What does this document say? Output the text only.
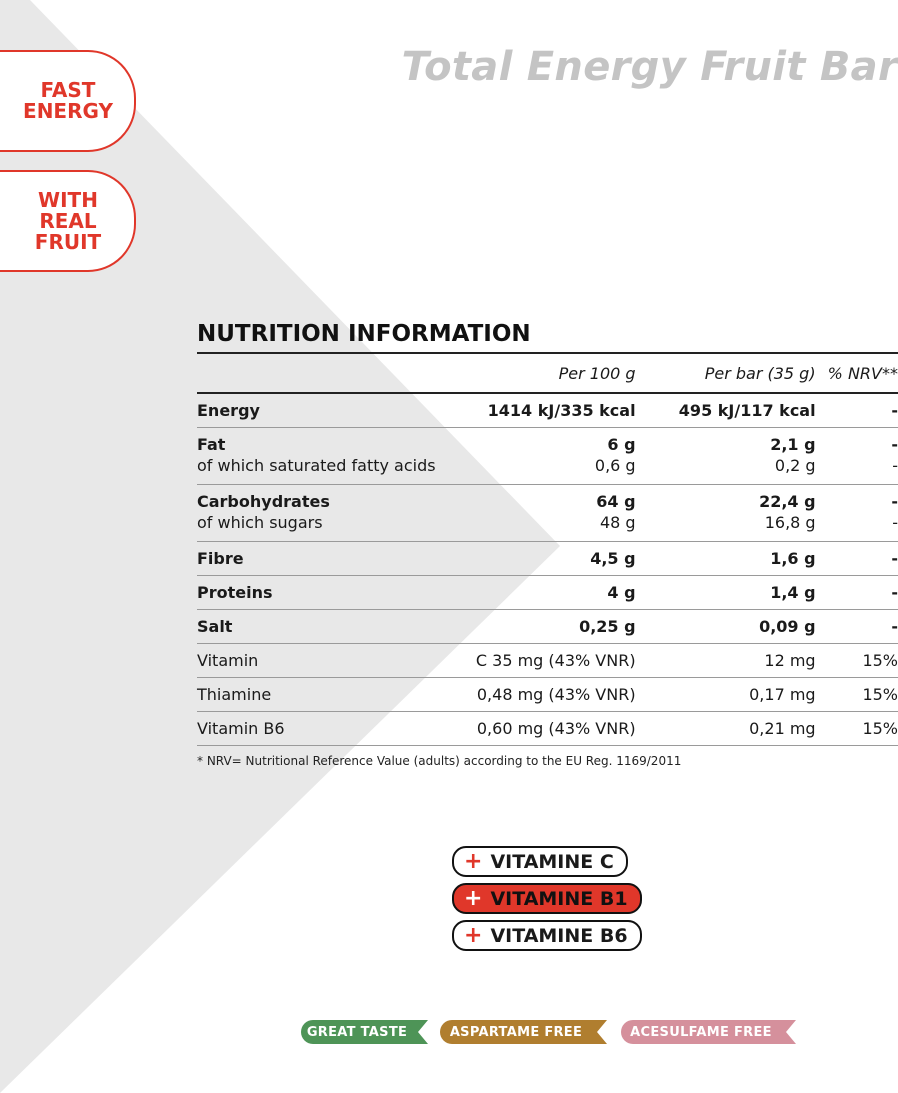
FAST
ENERGY
WITH
REAL
FRUIT
Total Energy Fruit Bar
NUTRITION INFORMATION
	Per 100 g	Per bar (35 g)	% NRV**
Energy	1414 kJ/335 kcal	495 kJ/117 kcal	-
Fat	6 g	2,1 g	-
of which saturated fatty acids	0,6 g	0,2 g	-
Carbohydrates	64 g	22,4 g	-
of which sugars	48 g	16,8 g	-
Fibre	4,5 g	1,6 g	-
Proteins	4 g	1,4 g	-
Salt	0,25 g	0,09 g	-
Vitamin	C 35 mg (43% VNR)	12 mg	15%
Thiamine	0,48 mg (43% VNR)	0,17 mg	15%
Vitamin B6	0,60 mg (43% VNR)	0,21 mg	15%
* NRV= Nutritional Reference Value (adults) according to the EU Reg. 1169/2011
+ VITAMINE C
+ VITAMINE B1
+ VITAMINE B6
GREAT TASTE	ASPARTAME FREE	ACESULFAME FREE
